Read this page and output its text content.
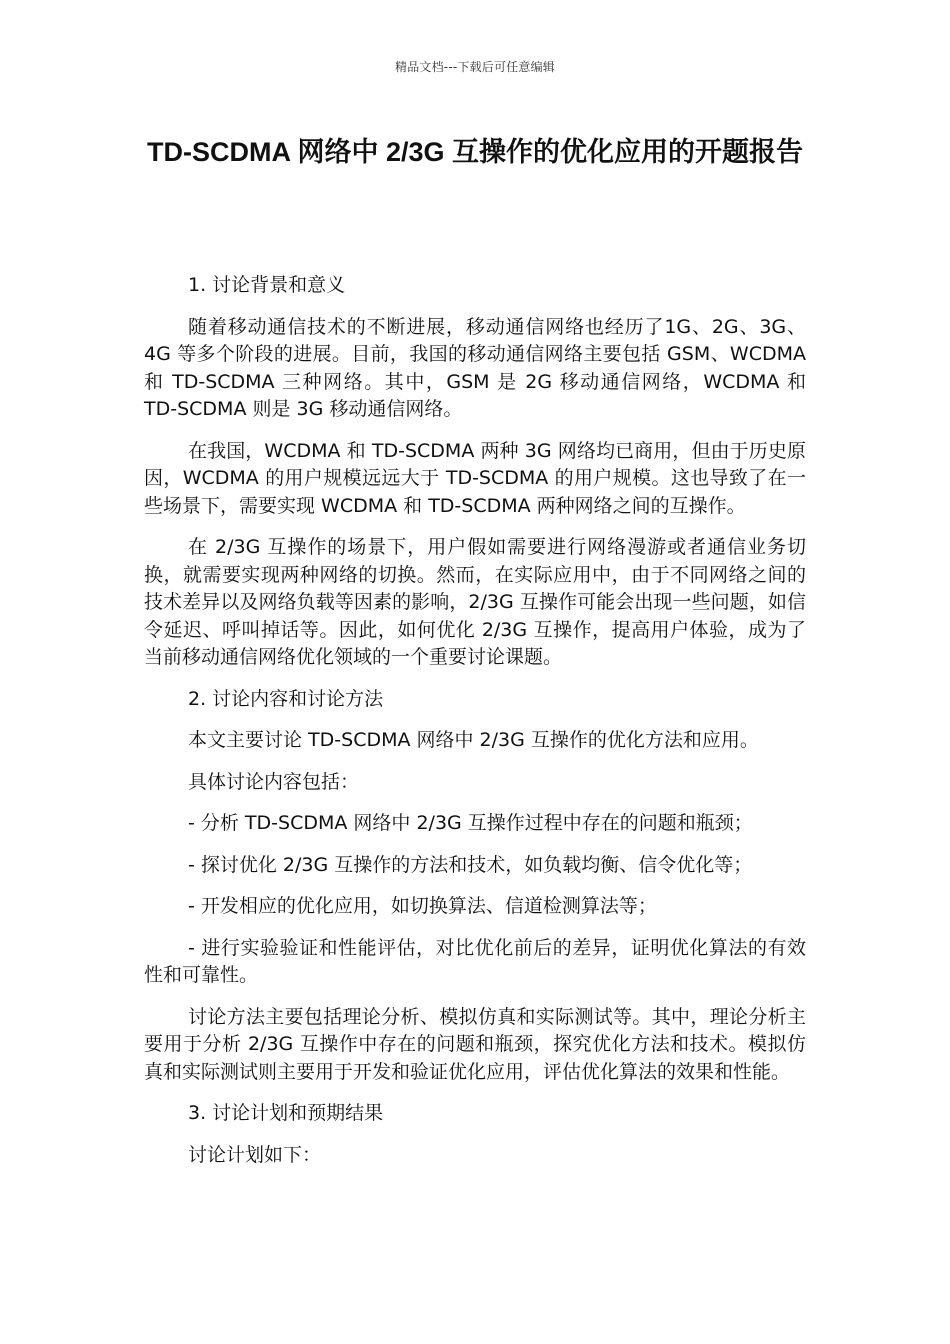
精品文档---下载后可任意编辑
TD-SCDMA 网络中 2/3G 互操作的优化应用的开题报告

1. 讨论背景和意义

随着移动通信技术的不断进展，移动通信网络也经历了1G、2G、3G、4G 等多个阶段的进展。目前，我国的移动通信网络主要包括 GSM、WCDMA 和 TD-SCDMA 三种网络。其中，GSM 是 2G 移动通信网络，WCDMA 和 TD-SCDMA 则是 3G 移动通信网络。

在我国，WCDMA 和 TD-SCDMA 两种 3G 网络均已商用，但由于历史原因，WCDMA 的用户规模远远大于 TD-SCDMA 的用户规模。这也导致了在一些场景下，需要实现 WCDMA 和 TD-SCDMA 两种网络之间的互操作。

在 2/3G 互操作的场景下，用户假如需要进行网络漫游或者通信业务切换，就需要实现两种网络的切换。然而，在实际应用中，由于不同网络之间的技术差异以及网络负载等因素的影响，2/3G 互操作可能会出现一些问题，如信令延迟、呼叫掉话等。因此，如何优化 2/3G 互操作，提高用户体验，成为了当前移动通信网络优化领域的一个重要讨论课题。

2. 讨论内容和讨论方法

本文主要讨论 TD-SCDMA 网络中 2/3G 互操作的优化方法和应用。

具体讨论内容包括：

- 分析 TD-SCDMA 网络中 2/3G 互操作过程中存在的问题和瓶颈；

- 探讨优化 2/3G 互操作的方法和技术，如负载均衡、信令优化等；

- 开发相应的优化应用，如切换算法、信道检测算法等；

- 进行实验验证和性能评估，对比优化前后的差异，证明优化算法的有效性和可靠性。

讨论方法主要包括理论分析、模拟仿真和实际测试等。其中，理论分析主要用于分析 2/3G 互操作中存在的问题和瓶颈，探究优化方法和技术。模拟仿真和实际测试则主要用于开发和验证优化应用，评估优化算法的效果和性能。

3. 讨论计划和预期结果

讨论计划如下：
